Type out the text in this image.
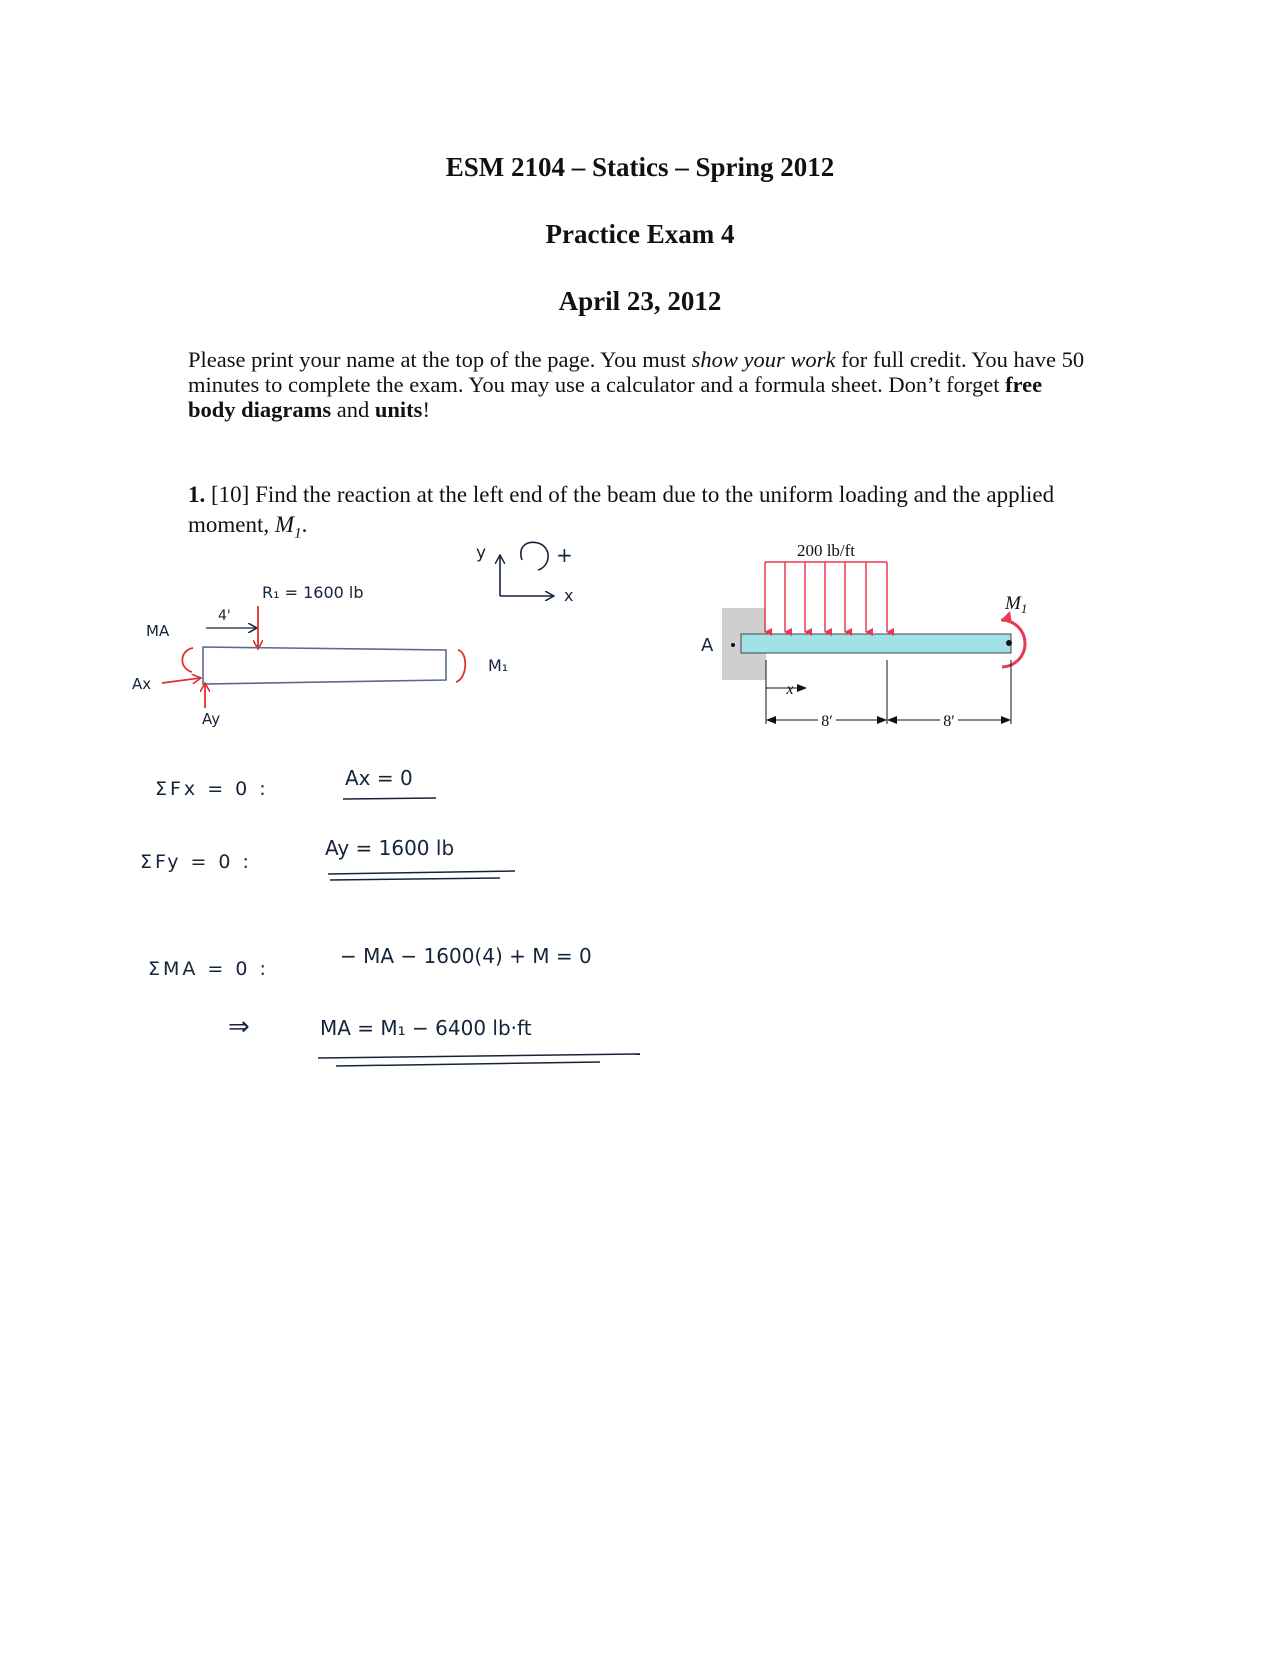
ESM 2104 – Statics – Spring 2012
Practice Exam 4
April 23, 2012
Please print your name at the top of the page. You must show your work for full credit. You have 50 minutes to complete the exam. You may use a calculator and a formula sheet. Don’t forget free body diagrams and units!
1. [10] Find the reaction at the left end of the beam due to the uniform loading and the applied moment, $M_1$.
200 lb/ft
$M_1$
A
x
8′	8′
y
x
+
R₁ = 1600 lb
4'
MA
Ax
Ay
M₁
ΣFx = 0 :	Ax = 0
ΣFy = 0 :
Ay = 1600 lb
ΣMA = 0 :
− MA − 1600(4) + M = 0
⇒	MA = M₁ − 6400 lb·ft
